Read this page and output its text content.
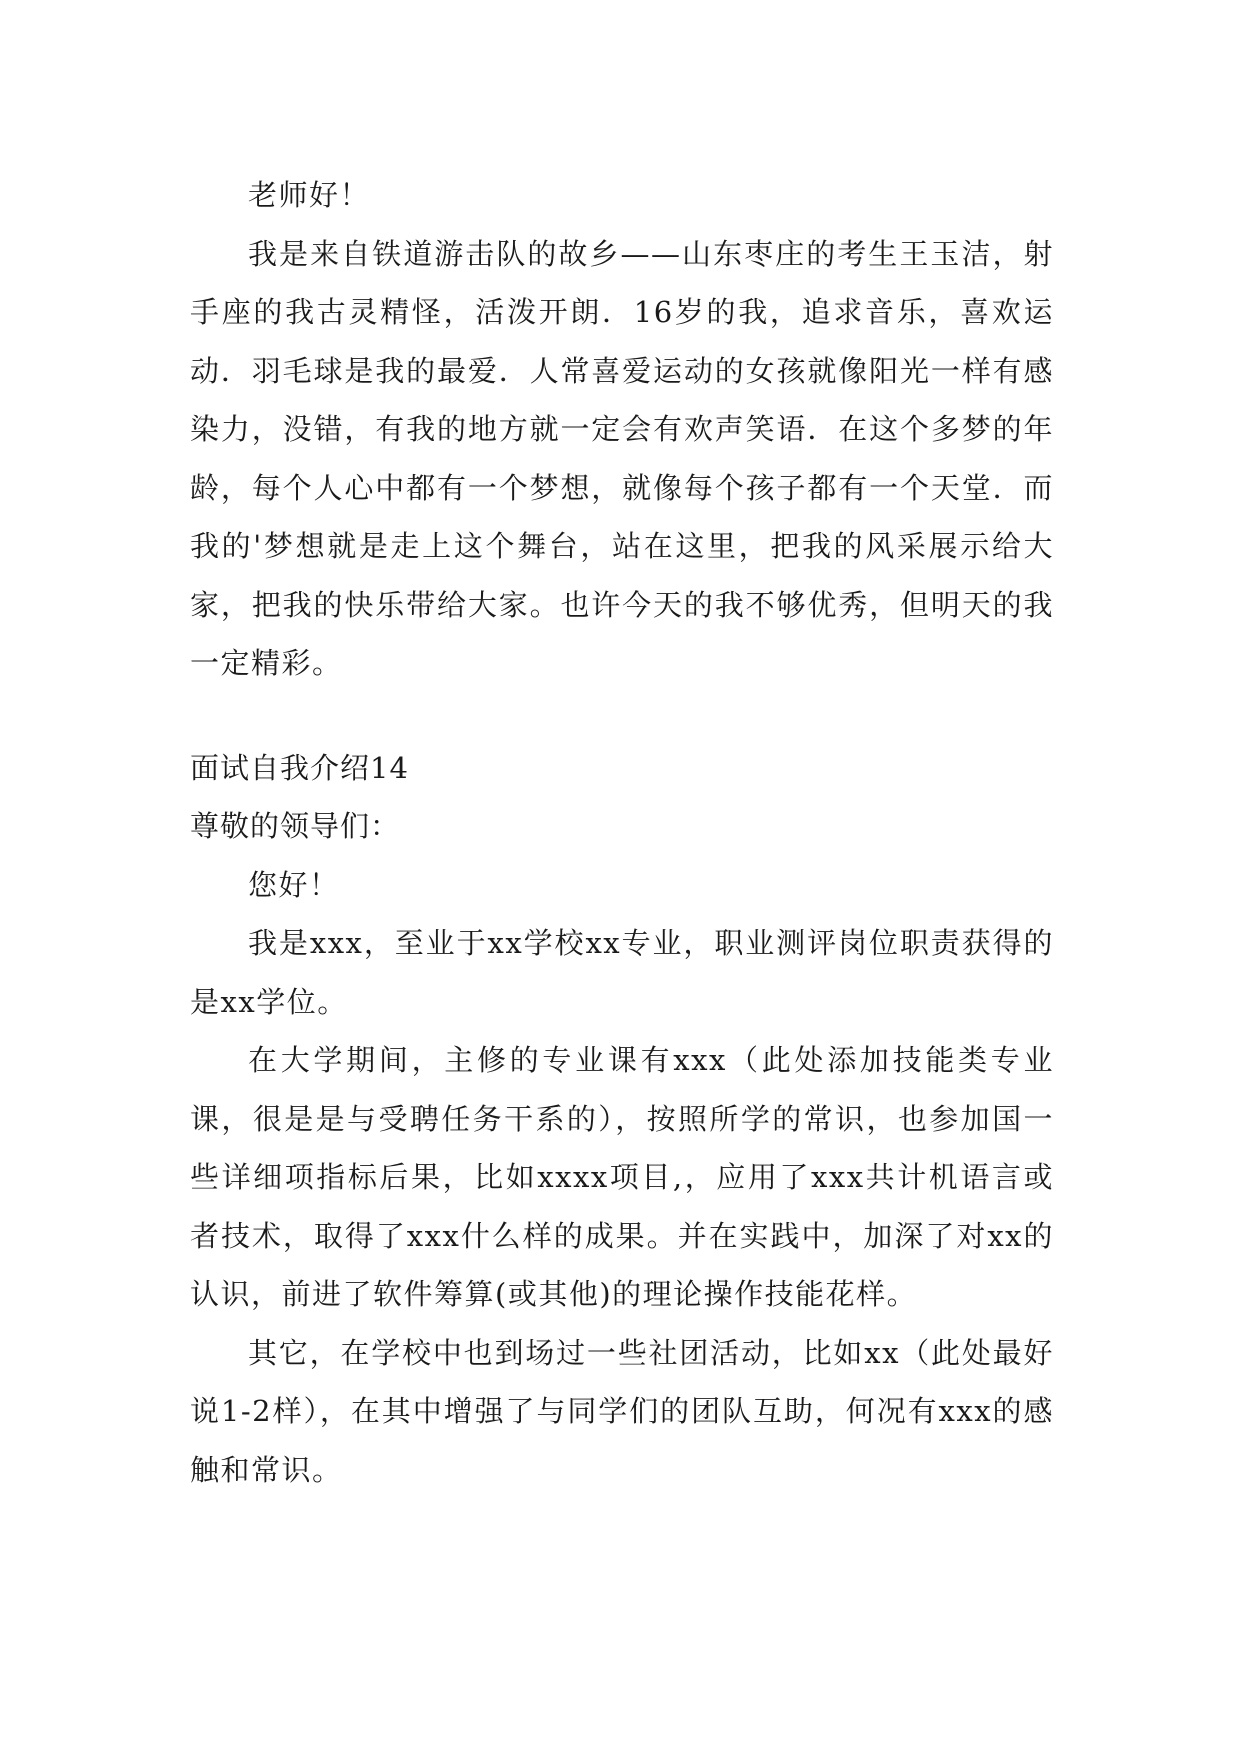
老师好！

我是来自铁道游击队的故乡——山东枣庄的考生王玉洁，射手座的我古灵精怪，活泼开朗．16岁的我，追求音乐，喜欢运动．羽毛球是我的最爱．人常喜爱运动的女孩就像阳光一样有感染力，没错，有我的地方就一定会有欢声笑语．在这个多梦的年龄，每个人心中都有一个梦想，就像每个孩子都有一个天堂．而我的'梦想就是走上这个舞台，站在这里，把我的风采展示给大家，把我的快乐带给大家。也许今天的我不够优秀，但明天的我一定精彩。

面试自我介绍14

尊敬的领导们：

您好！

我是xxx，至业于xx学校xx专业，职业测评岗位职责获得的是xx学位。

在大学期间，主修的专业课有xxx（此处添加技能类专业课，很是是与受聘任务干系的），按照所学的常识，也参加国一些详细项指标后果，比如xxxx项目,，应用了xxx共计机语言或者技术，取得了xxx什么样的成果。并在实践中，加深了对xx的认识，前进了软件筹算(或其他)的理论操作技能花样。

其它，在学校中也到场过一些社团活动，比如xx（此处最好说1-2样），在其中增强了与同学们的团队互助，何况有xxx的感触和常识。
